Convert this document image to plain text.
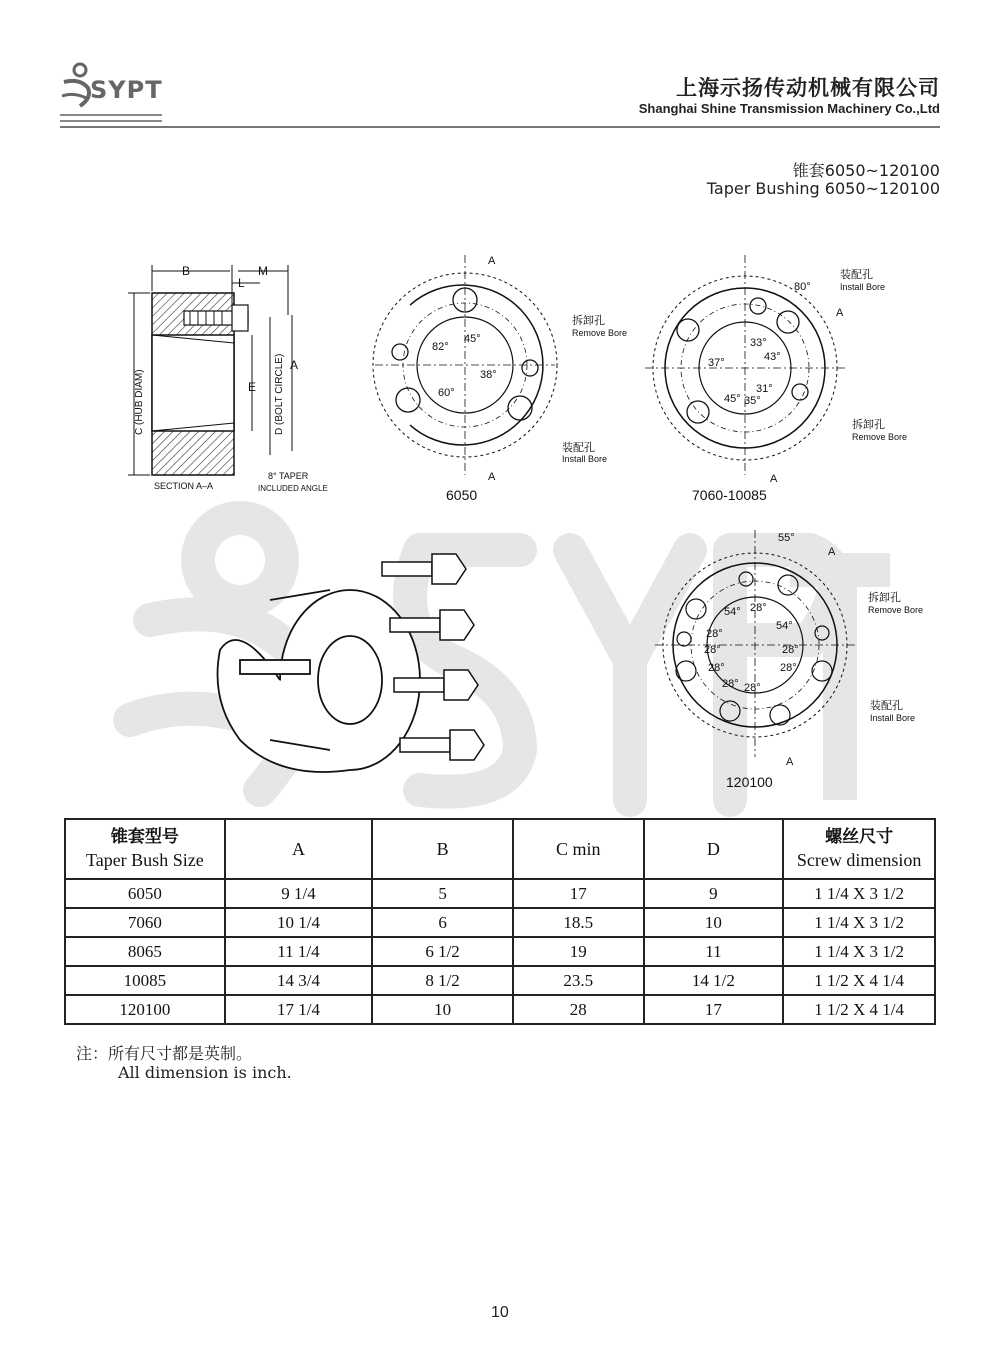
SYPT	上海示扬传动机械有限公司
Shanghai Shine Transmission Machinery Co.,Ltd
锥套6050~120100
Taper Bushing 6050~120100
B	M
L
C (HUB DIAM)	E D (BOLT CIRCLE) A
SECTION A–A
8° TAPER
INCLUDED ANGLE
A
A
82°
45°
38°
60°
拆卸孔
Remove Bore
装配孔
Install Bore
6050
80°
33°
43°
37°
31°
45° 35°
A
A
装配孔
Install Bore
拆卸孔
Remove Bore
7060-10085
55°
54° 28°
54°
28°
28°
28°
28°
28°
28° 28°
A
A
拆卸孔
Remove Bore
装配孔
Install Bore
120100
锥套型号
Taper Bush Size	A	B	C min	D	螺丝尺寸
Screw dimension

6050	9 1/4	5	17	9	1 1/4 X 3 1/2
7060	10 1/4	6	18.5	10	1 1/4 X 3 1/2
8065	11 1/4	6 1/2	19	11	1 1/4 X 3 1/2
10085	14 3/4	8 1/2	23.5	14 1/2	1 1/2 X 4 1/4
120100	17 1/4	10	28	17	1 1/2 X 4 1/4
注：所有尺寸都是英制。
All dimension is inch.
10
